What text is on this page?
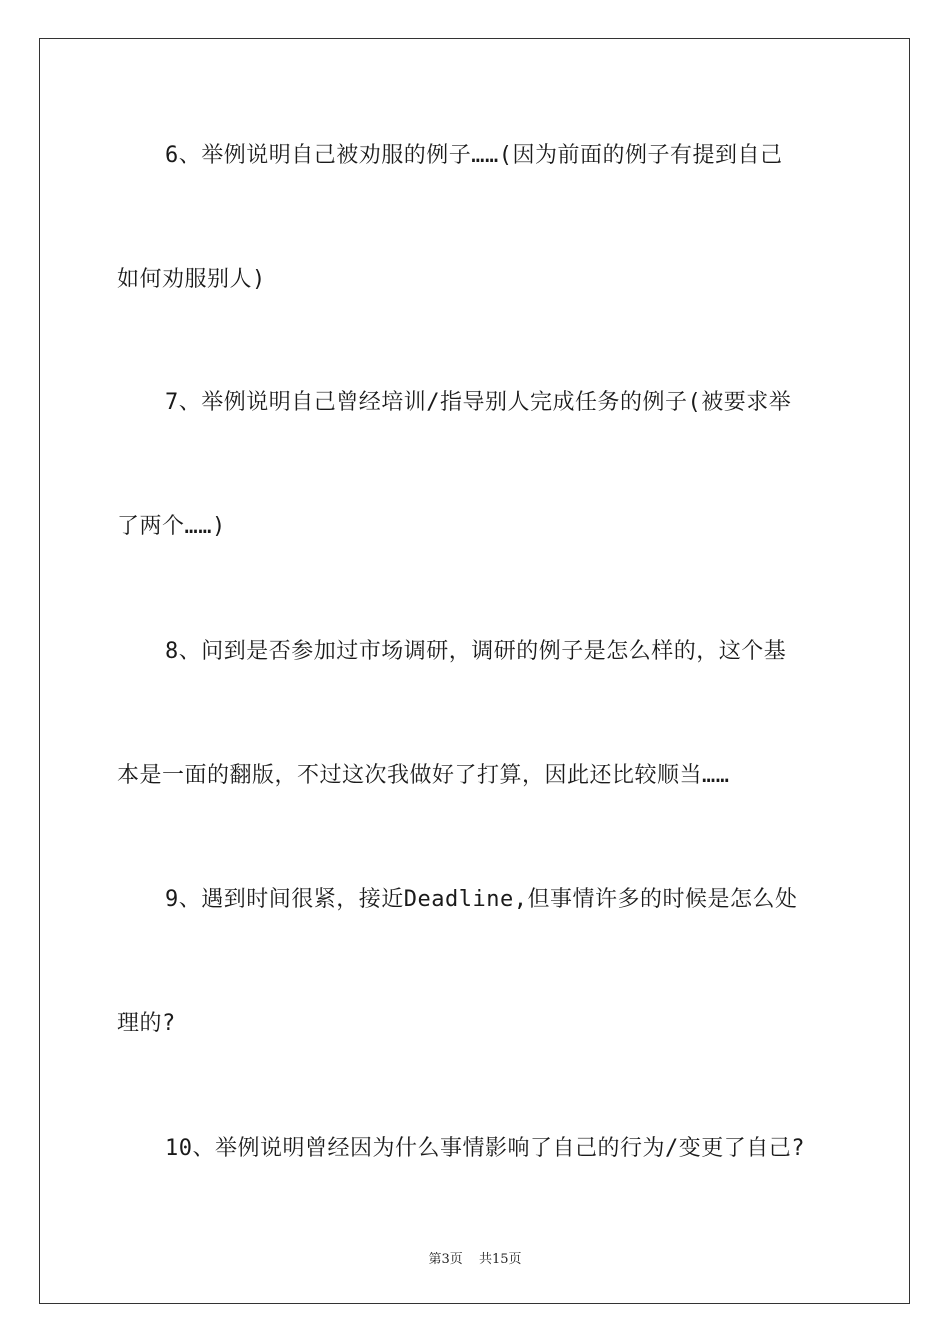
6、举例说明自己被劝服的例子……(因为前面的例子有提到自己
如何劝服别人)
7、举例说明自己曾经培训/指导别人完成任务的例子(被要求举
了两个……)
8、问到是否参加过市场调研，调研的例子是怎么样的，这个基
本是一面的翻版，不过这次我做好了打算，因此还比较顺当……
9、遇到时间很紧，接近Deadline,但事情许多的时候是怎么处
理的?
10、举例说明曾经因为什么事情影响了自己的行为/变更了自己?
第3页 共15页
